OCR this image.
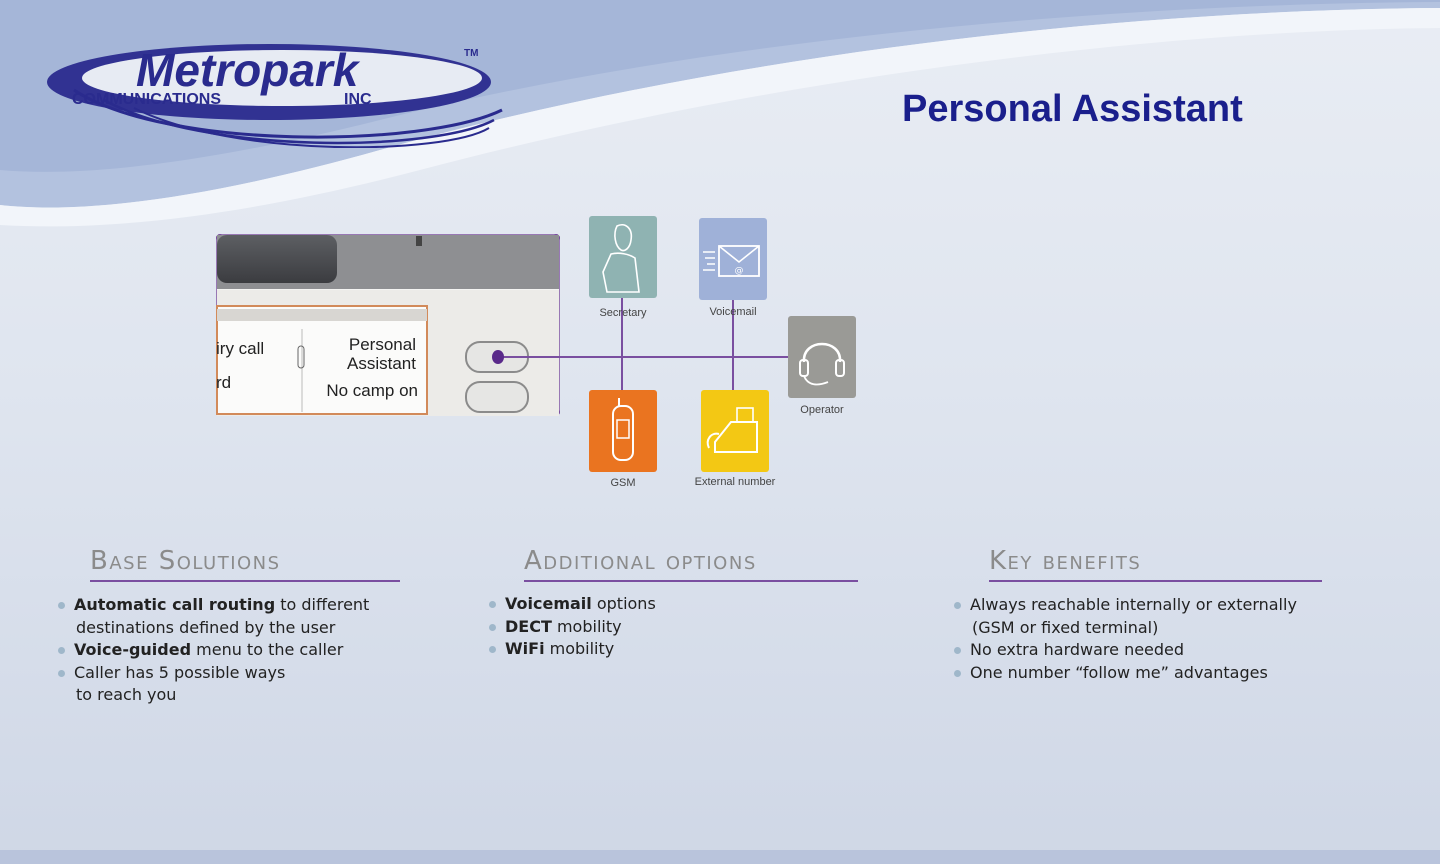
Metropark
COMMUNICATIONS	INC
TM
Personal Assistant
iry call
rd
Personal
Assistant
No camp on
Secretary
@
Voicemail
Operator
GSM	External number
Base Solutions
Automatic call routing to different
destinations defined by the user
Voice-guided menu to the caller
Caller has 5 possible ways
to reach you
Additional options
Voicemail options
DECT mobility
WiFi mobility
Key benefits
Always reachable internally or externally
(GSM or fixed terminal)
No extra hardware needed
One number “follow me” advantages
